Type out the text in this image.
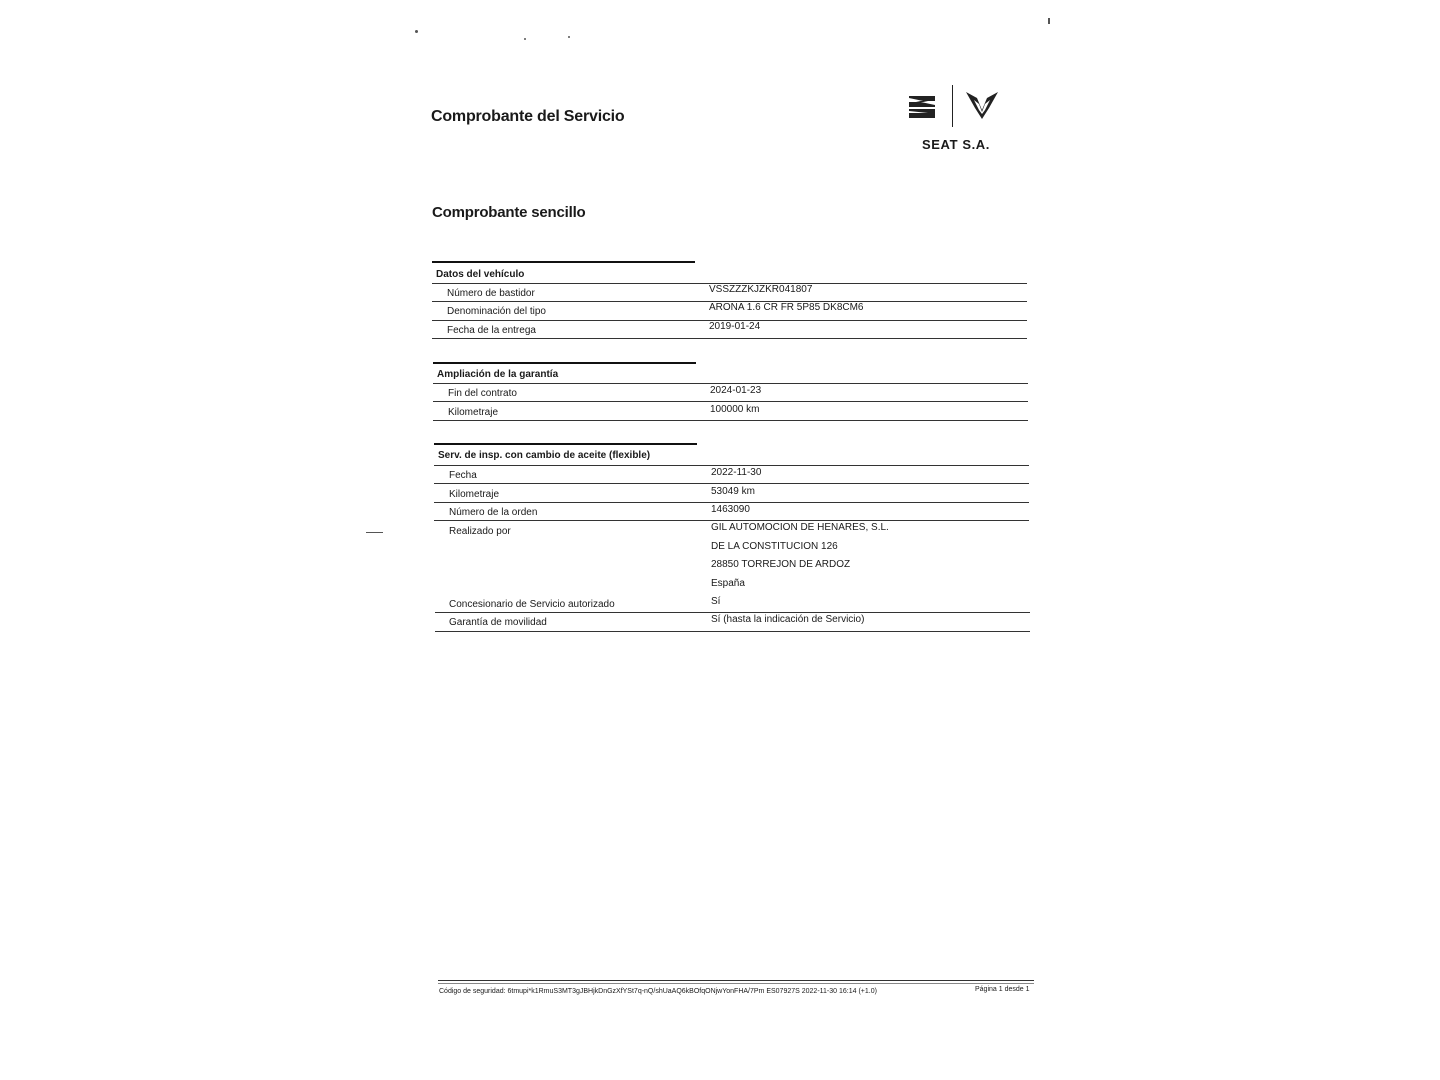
Comprobante del Servicio
SEAT S.A.
Comprobante sencillo
Datos del vehículo
Número de bastidor	VSSZZZKJZKR041807
Denominación del tipo	ARONA 1.6 CR FR 5P85 DK8CM6
Fecha de la entrega	2019-01-24
Ampliación de la garantía
Fin del contrato	2024-01-23
Kilometraje	100000 km
Serv. de insp. con cambio de aceite (flexible)
Fecha	2022-11-30
Kilometraje	53049 km
Número de la orden	1463090
Realizado por	GIL AUTOMOCION DE HENARES, S.L.
DE LA CONSTITUCION 126
28850 TORREJON DE ARDOZ
España
Concesionario de Servicio autorizado	Sí
Garantía de movilidad	Sí (hasta la indicación de Servicio)
Código de seguridad: 6tmupi*k1RmuS3MT3gJBHjkDnGzXfYSt7q-nQ/shUaAQ6kBOfqONjwYonFHA/7Pm ES07927S 2022-11-30 16:14 (+1.0)	Página 1 desde 1
